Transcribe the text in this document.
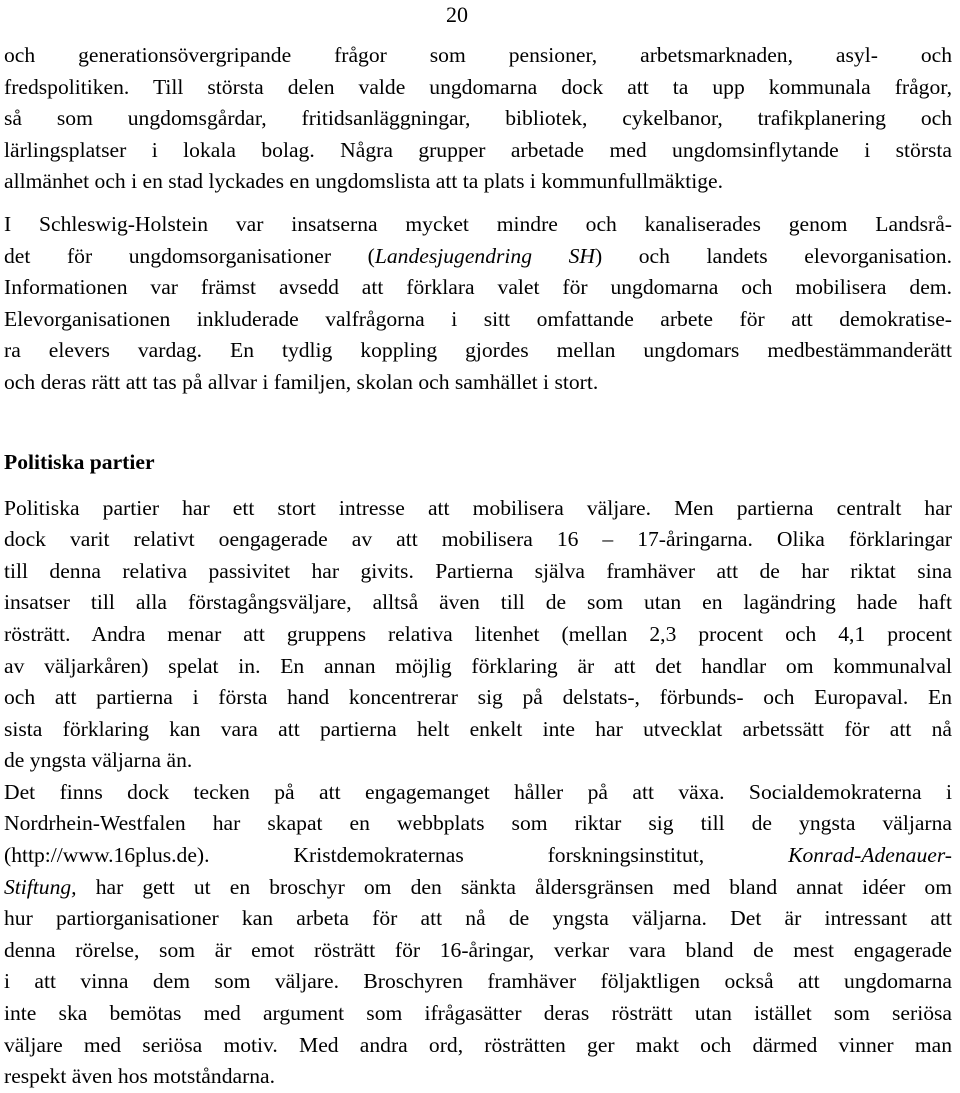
20
och generationsövergripande frågor som pensioner, arbetsmarknaden, asyl- och
fredspolitiken. Till största delen valde ungdomarna dock att ta upp kommunala frågor,
så som ungdomsgårdar, fritidsanläggningar, bibliotek, cykelbanor, trafikplanering och
lärlingsplatser i lokala bolag. Några grupper arbetade med ungdomsinflytande i största
allmänhet och i en stad lyckades en ungdomslista att ta plats i kommunfullmäktige.
I Schleswig-Holstein var insatserna mycket mindre och kanaliserades genom Landsrå-
det för ungdomsorganisationer (Landesjugendring SH) och landets elevorganisation.
Informationen var främst avsedd att förklara valet för ungdomarna och mobilisera dem.
Elevorganisationen inkluderade valfrågorna i sitt omfattande arbete för att demokratise-
ra elevers vardag. En tydlig koppling gjordes mellan ungdomars medbestämmanderätt
och deras rätt att tas på allvar i familjen, skolan och samhället i stort.
Politiska partier
Politiska partier har ett stort intresse att mobilisera väljare. Men partierna centralt har
dock varit relativt oengagerade av att mobilisera 16 – 17-åringarna. Olika förklaringar
till denna relativa passivitet har givits. Partierna själva framhäver att de har riktat sina
insatser till alla förstagångsväljare, alltså även till de som utan en lagändring hade haft
rösträtt. Andra menar att gruppens relativa litenhet (mellan 2,3 procent och 4,1 procent
av väljarkåren) spelat in. En annan möjlig förklaring är att det handlar om kommunalval
och att partierna i första hand koncentrerar sig på delstats-, förbunds- och Europaval. En
sista förklaring kan vara att partierna helt enkelt inte har utvecklat arbetssätt för att nå
de yngsta väljarna än.
Det finns dock tecken på att engagemanget håller på att växa. Socialdemokraterna i
Nordrhein-Westfalen har skapat en webbplats som riktar sig till de yngsta väljarna
(http://www.16plus.de). Kristdemokraternas forskningsinstitut, Konrad-Adenauer-
Stiftung, har gett ut en broschyr om den sänkta åldersgränsen med bland annat idéer om
hur partiorganisationer kan arbeta för att nå de yngsta väljarna. Det är intressant att
denna rörelse, som är emot rösträtt för 16-åringar, verkar vara bland de mest engagerade
i att vinna dem som väljare. Broschyren framhäver följaktligen också att ungdomarna
inte ska bemötas med argument som ifrågasätter deras rösträtt utan istället som seriösa
väljare med seriösa motiv. Med andra ord, rösträtten ger makt och därmed vinner man
respekt även hos motståndarna.
